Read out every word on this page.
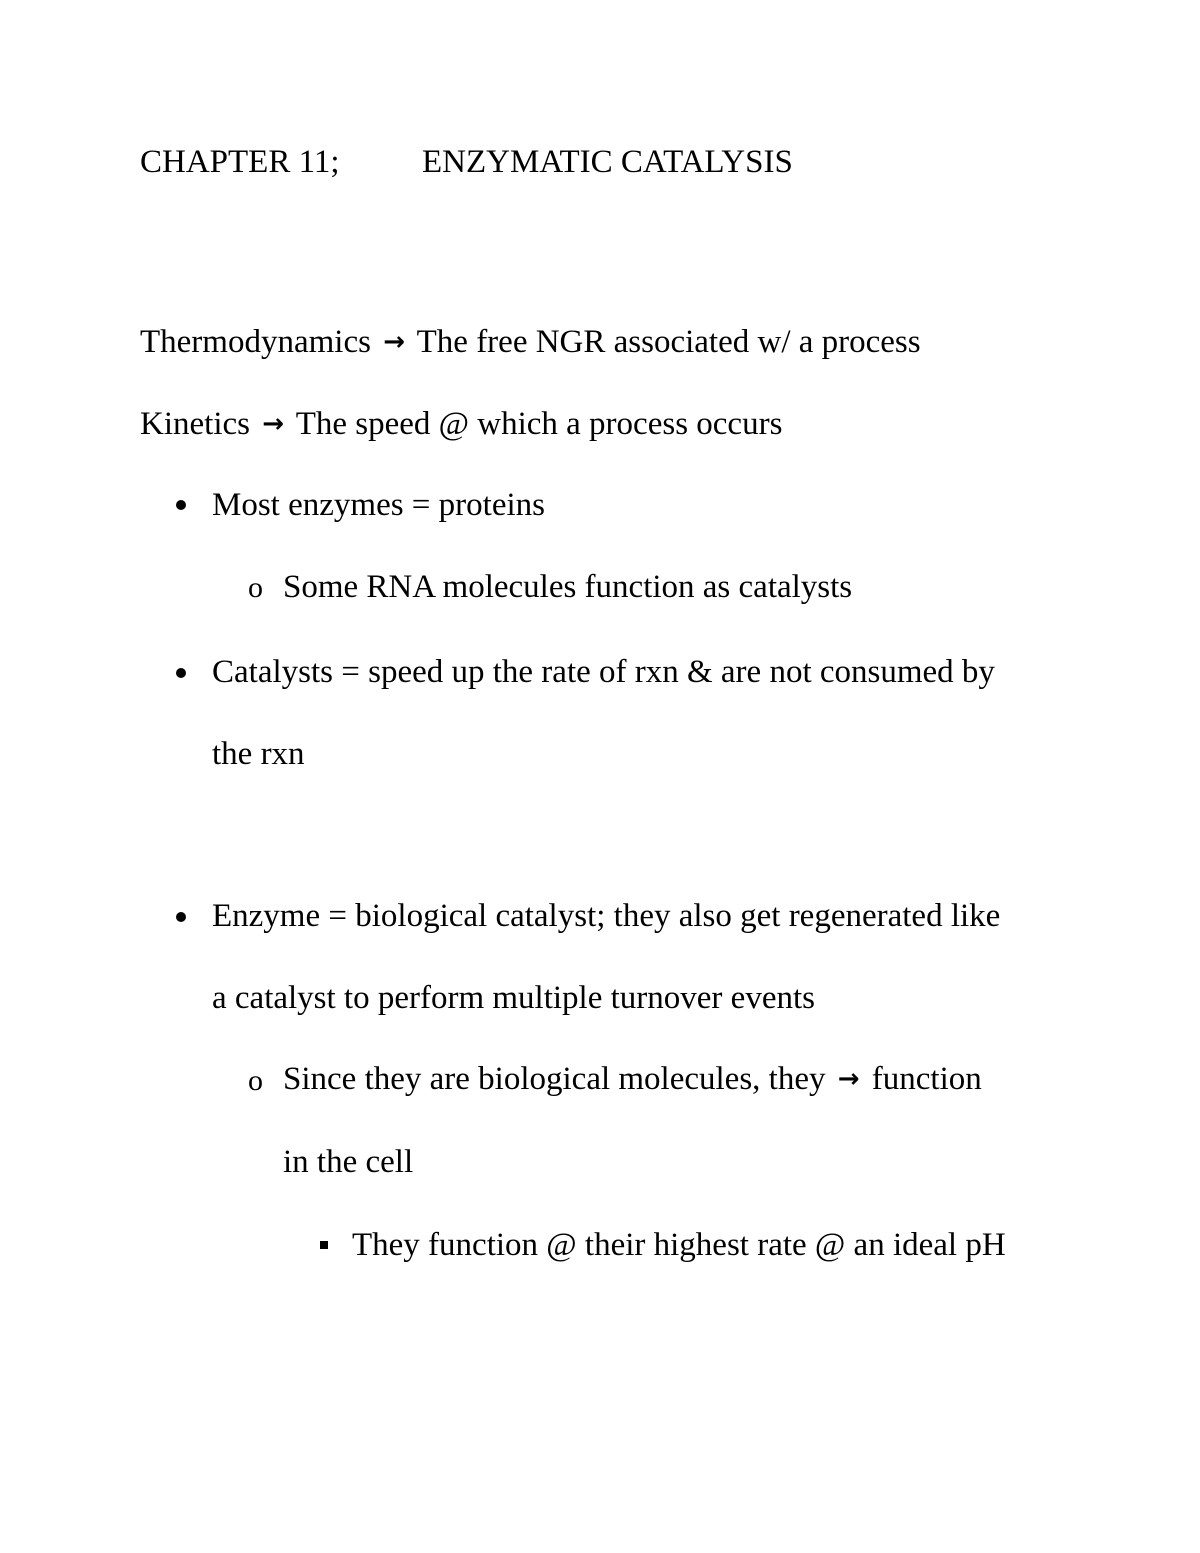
CHAPTER 11; ENZYMATIC CATALYSIS
Thermodynamics → The free NGR associated w/ a process
Kinetics → The speed @ which a process occurs
Most enzymes = proteins
o Some RNA molecules function as catalysts
Catalysts = speed up the rate of rxn & are not consumed by
the rxn
Enzyme = biological catalyst; they also get regenerated like
a catalyst to perform multiple turnover events
o Since they are biological molecules, they → function
in the cell
They function @ their highest rate @ an ideal pH
